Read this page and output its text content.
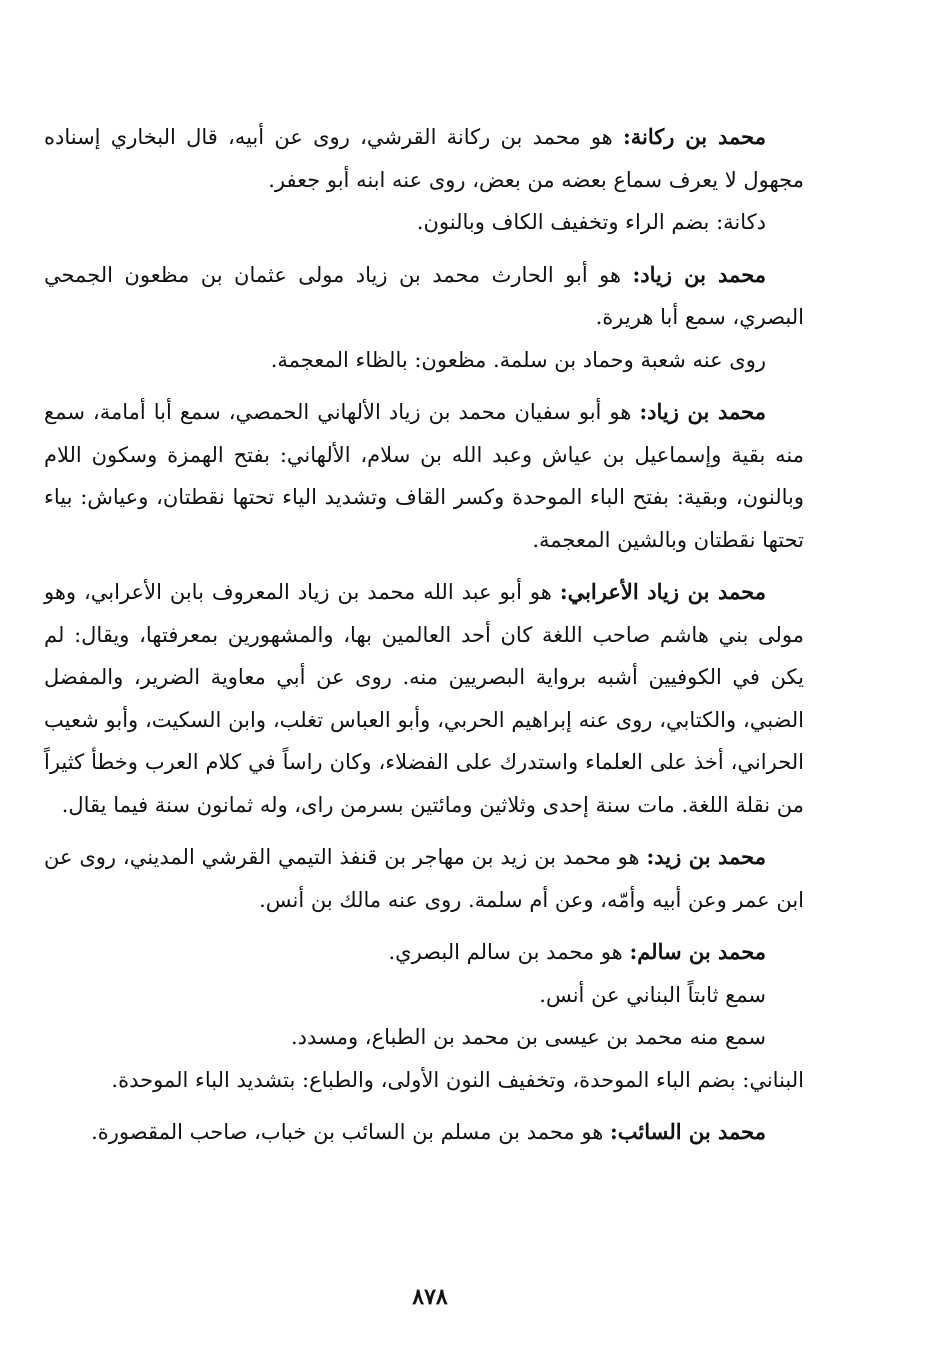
محمد بن ركانة: هو محمد بن ركانة القرشي، روى عن أبيه، قال البخاري إسناده مجهول لا يعرف سماع بعضه من بعض، روى عنه ابنه أبو جعفر.
دكانة: بضم الراء وتخفيف الكاف وبالنون.
محمد بن زياد: هو أبو الحارث محمد بن زياد مولى عثمان بن مظعون الجمحي البصري، سمع أبا هريرة.
روى عنه شعبة وحماد بن سلمة. مظعون: بالظاء المعجمة.
محمد بن زياد: هو أبو سفيان محمد بن زياد الألهاني الحمصي، سمع أبا أمامة، سمع منه بقية وإسماعيل بن عياش وعبد الله بن سلام، الألهاني: بفتح الهمزة وسكون اللام وبالنون، وبقية: بفتح الباء الموحدة وكسر القاف وتشديد الياء تحتها نقطتان، وعياش: بياء تحتها نقطتان وبالشين المعجمة.
محمد بن زياد الأعرابي: هو أبو عبد الله محمد بن زياد المعروف بابن الأعرابي، وهو مولى بني هاشم صاحب اللغة كان أحد العالمين بها، والمشهورين بمعرفتها، ويقال: لم يكن في الكوفيين أشبه برواية البصريين منه. روى عن أبي معاوية الضرير، والمفضل الضبي، والكتابي، روى عنه إبراهيم الحربي، وأبو العباس تغلب، وابن السكيت، وأبو شعيب الحراني، أخذ على العلماء واستدرك على الفضلاء، وكان راساً في كلام العرب وخطأ كثيراً من نقلة اللغة. مات سنة إحدى وثلاثين ومائتين بسرمن راى، وله ثمانون سنة فيما يقال.
محمد بن زيد: هو محمد بن زيد بن مهاجر بن قنفذ التيمي القرشي المديني، روى عن ابن عمر وعن أبيه وأمّه، وعن أم سلمة. روى عنه مالك بن أنس.
محمد بن سالم: هو محمد بن سالم البصري.
سمع ثابتاً البناني عن أنس.
سمع منه محمد بن عيسى بن محمد بن الطباع، ومسدد.
البناني: بضم الباء الموحدة، وتخفيف النون الأولى، والطباع: بتشديد الباء الموحدة.
محمد بن السائب: هو محمد بن مسلم بن السائب بن خباب، صاحب المقصورة.
٨٧٨
